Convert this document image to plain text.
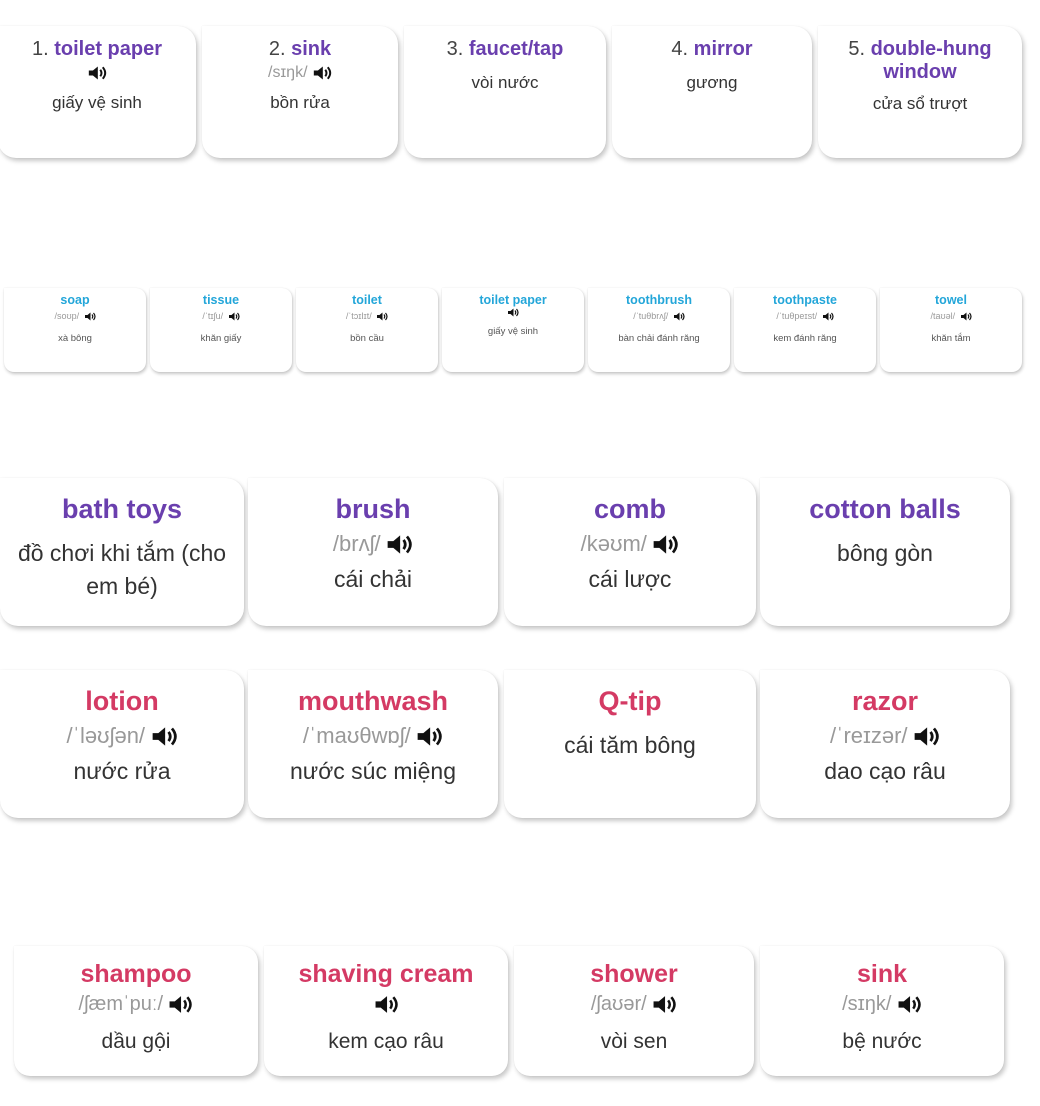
1. toilet paper
giấy vệ sinh
2. sink
/sɪŋk/

bồn rửa
3. faucet/tap
vòi nước
4. mirror
gương
5. double-hung window
cửa sổ trượt
soap
/soʊp/

xà bông
tissue
/ˈtɪʃu/

khăn giấy
toilet
/ˈtɔɪlɪt/

bồn cầu
toilet paper
giấy vệ sinh
toothbrush
/ˈtuθbrʌʃ/

bàn chải đánh răng
toothpaste
/ˈtuθpeɪst/

kem đánh răng
towel
/taʊəl/

khăn tắm
bath toys
đồ chơi khi tắm (cho em bé)
brush
/brʌʃ/

cái chải
comb
/kəʊm/

cái lược
cotton balls
bông gòn
lotion
/ˈləʊʃən/

nước rửa
mouthwash
/ˈmaʊθwɒʃ/

nước súc miệng
Q-tip
cái tăm bông
razor
/ˈreɪzər/

dao cạo râu
shampoo
/ʃæmˈpuː/

dầu gội
shaving cream
kem cạo râu
shower
/ʃaʊər/

vòi sen
sink
/sɪŋk/

bệ nước
